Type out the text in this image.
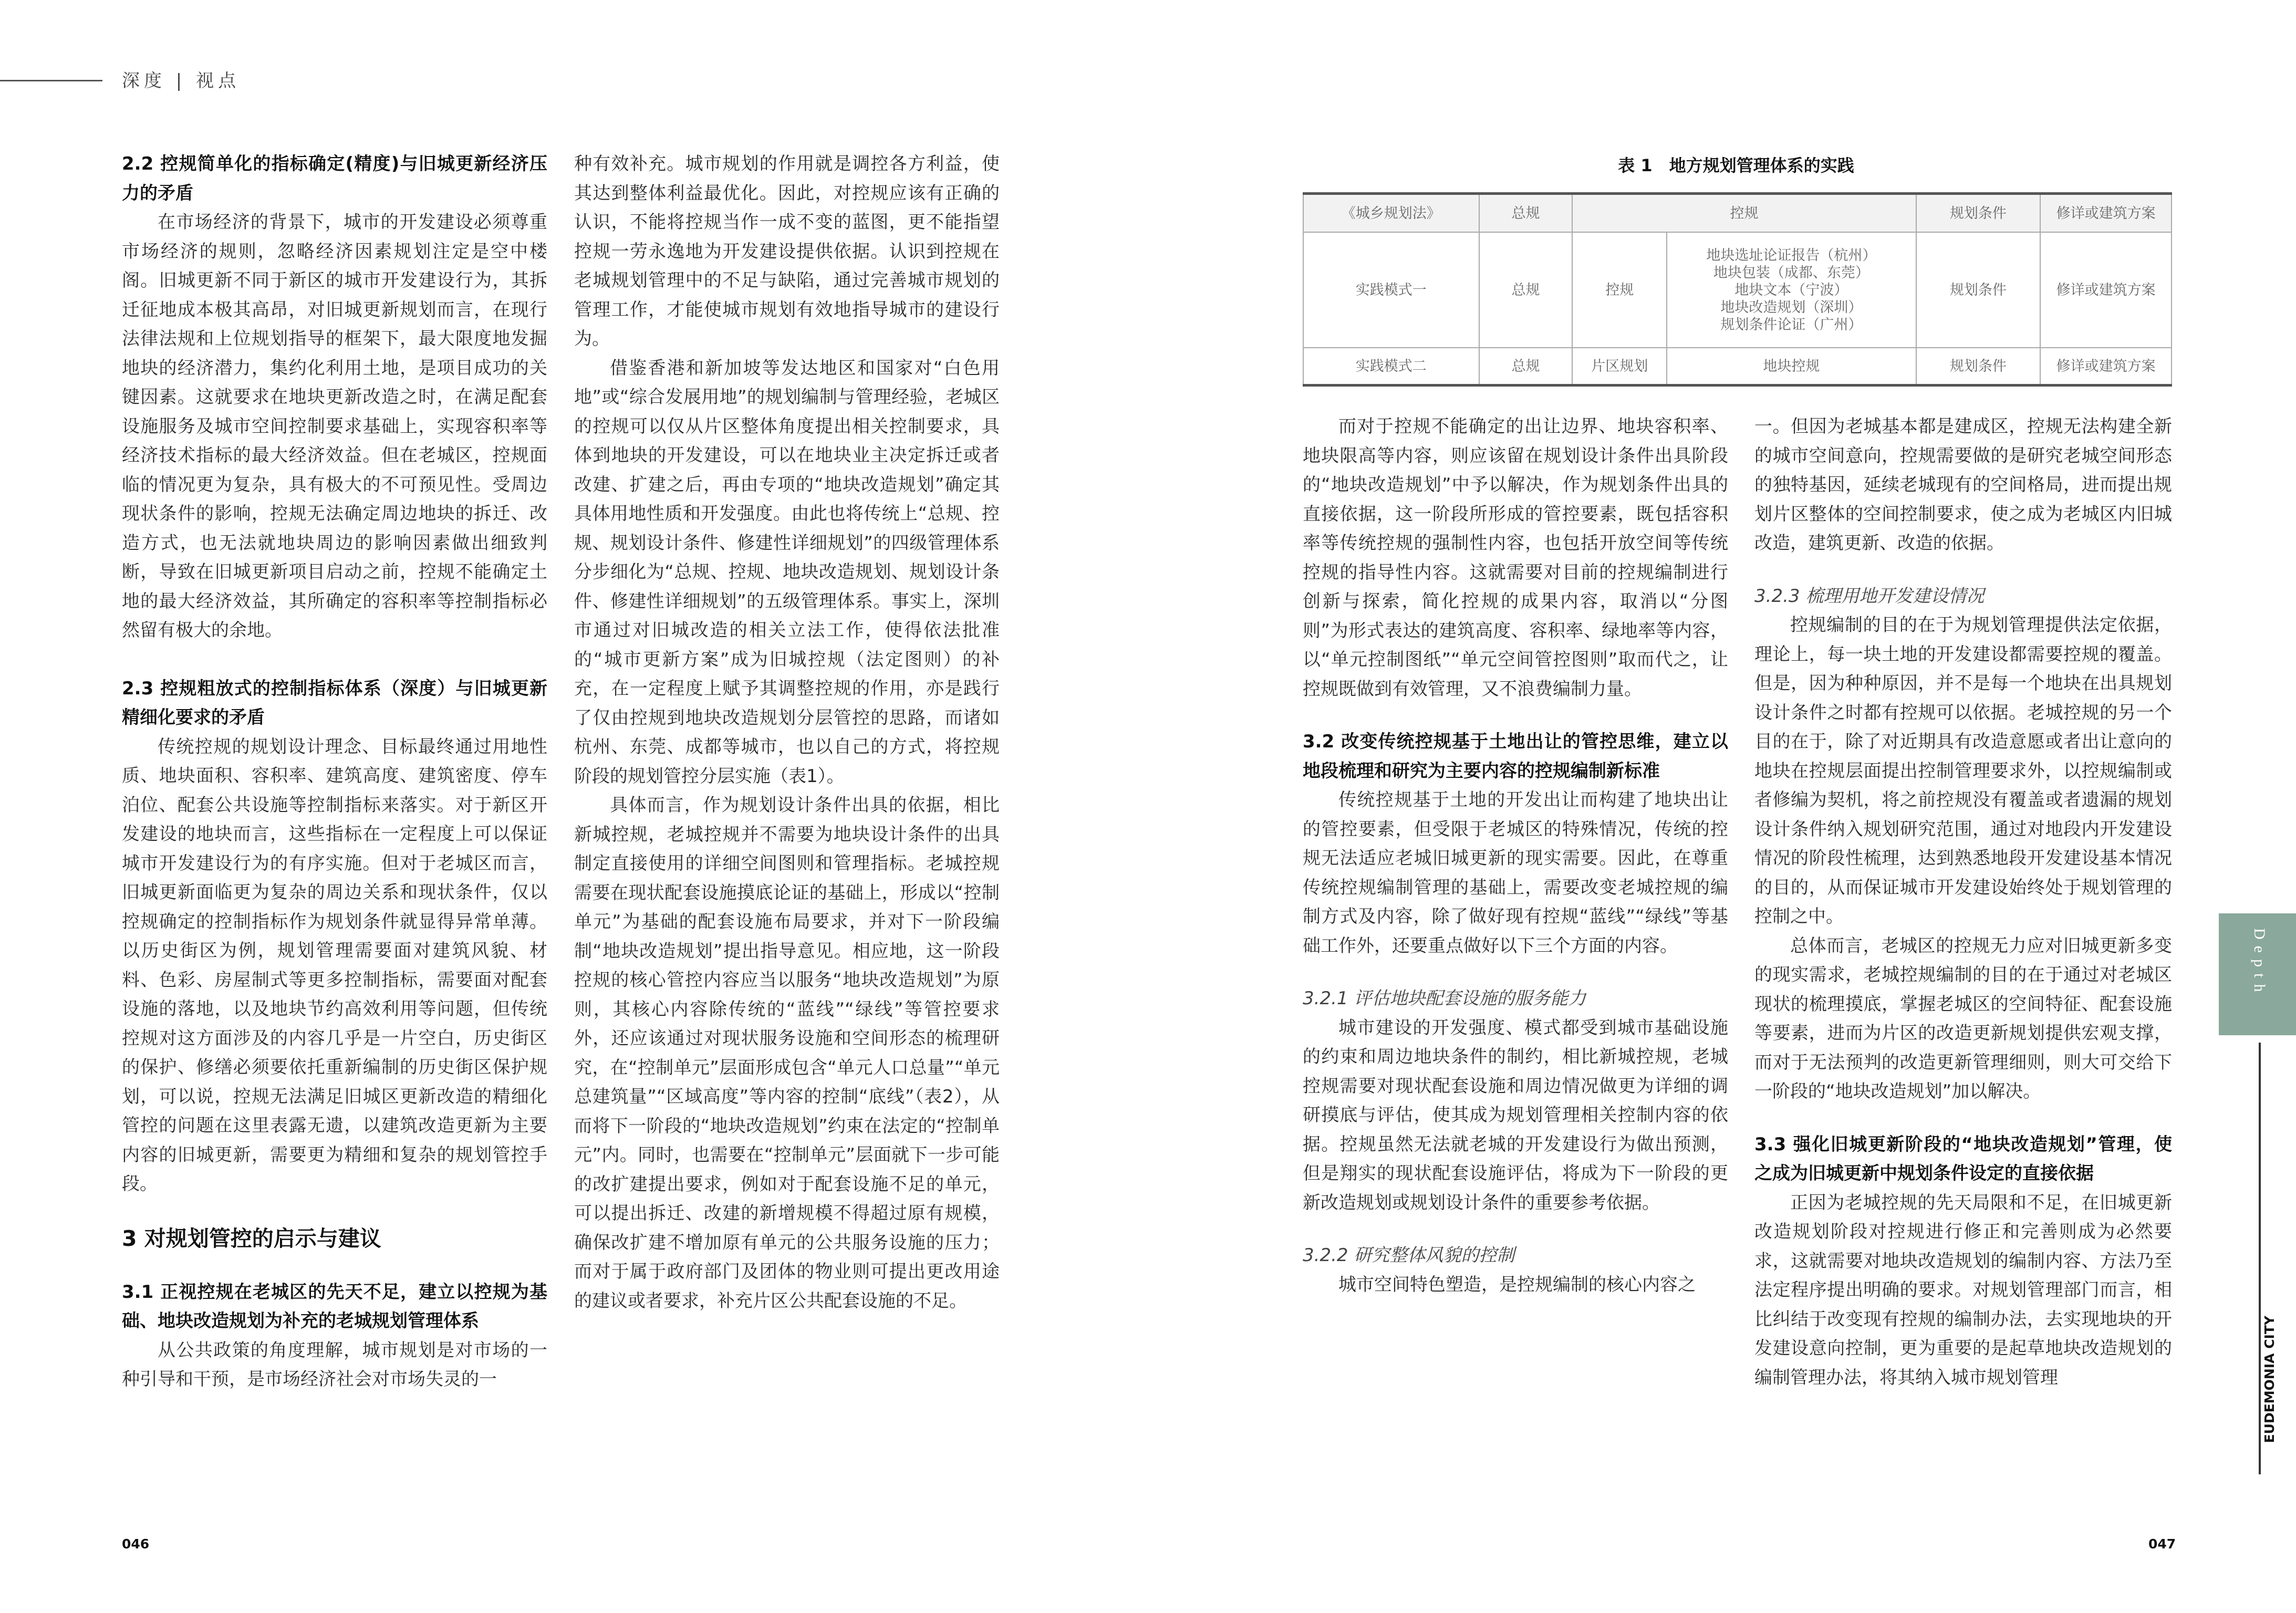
深度 | 视点
2.2 控规简单化的指标确定(精度)与旧城更新经济压力的矛盾

在市场经济的背景下，城市的开发建设必须尊重市场经济的规则，忽略经济因素规划注定是空中楼阁。旧城更新不同于新区的城市开发建设行为，其拆迁征地成本极其高昂，对旧城更新规划而言，在现行法律法规和上位规划指导的框架下，最大限度地发掘地块的经济潜力，集约化利用土地，是项目成功的关键因素。这就要求在地块更新改造之时，在满足配套设施服务及城市空间控制要求基础上，实现容积率等经济技术指标的最大经济效益。但在老城区，控规面临的情况更为复杂，具有极大的不可预见性。受周边现状条件的影响，控规无法确定周边地块的拆迁、改造方式，也无法就地块周边的影响因素做出细致判断，导致在旧城更新项目启动之前，控规不能确定土地的最大经济效益，其所确定的容积率等控制指标必然留有极大的余地。

2.3 控规粗放式的控制指标体系（深度）与旧城更新精细化要求的矛盾

传统控规的规划设计理念、目标最终通过用地性质、地块面积、容积率、建筑高度、建筑密度、停车泊位、配套公共设施等控制指标来落实。对于新区开发建设的地块而言，这些指标在一定程度上可以保证城市开发建设行为的有序实施。但对于老城区而言，旧城更新面临更为复杂的周边关系和现状条件，仅以控规确定的控制指标作为规划条件就显得异常单薄。以历史街区为例，规划管理需要面对建筑风貌、材料、色彩、房屋制式等更多控制指标，需要面对配套设施的落地，以及地块节约高效利用等问题，但传统控规对这方面涉及的内容几乎是一片空白，历史街区的保护、修缮必须要依托重新编制的历史街区保护规划，可以说，控规无法满足旧城区更新改造的精细化管控的问题在这里表露无遗，以建筑改造更新为主要内容的旧城更新，需要更为精细和复杂的规划管控手段。

3 对规划管控的启示与建议
3.1 正视控规在老城区的先天不足，建立以控规为基础、地块改造规划为补充的老城规划管理体系

从公共政策的角度理解，城市规划是对市场的一种引导和干预，是市场经济社会对市场失灵的一

种有效补充。城市规划的作用就是调控各方利益，使其达到整体利益最优化。因此，对控规应该有正确的认识，不能将控规当作一成不变的蓝图，更不能指望控规一劳永逸地为开发建设提供依据。认识到控规在老城规划管理中的不足与缺陷，通过完善城市规划的管理工作，才能使城市规划有效地指导城市的建设行为。

借鉴香港和新加坡等发达地区和国家对“白色用地”或“综合发展用地”的规划编制与管理经验，老城区的控规可以仅从片区整体角度提出相关控制要求，具体到地块的开发建设，可以在地块业主决定拆迁或者改建、扩建之后，再由专项的“地块改造规划”确定其具体用地性质和开发强度。由此也将传统上“总规、控规、规划设计条件、修建性详细规划”的四级管理体系分步细化为“总规、控规、地块改造规划、规划设计条件、修建性详细规划”的五级管理体系。事实上，深圳市通过对旧城改造的相关立法工作，使得依法批准的“城市更新方案”成为旧城控规（法定图则）的补充，在一定程度上赋予其调整控规的作用，亦是践行了仅由控规到地块改造规划分层管控的思路，而诸如杭州、东莞、成都等城市，也以自己的方式，将控规阶段的规划管控分层实施（表1）。

具体而言，作为规划设计条件出具的依据，相比新城控规，老城控规并不需要为地块设计条件的出具制定直接使用的详细空间图则和管理指标。老城控规需要在现状配套设施摸底论证的基础上，形成以“控制单元”为基础的配套设施布局要求，并对下一阶段编制“地块改造规划”提出指导意见。相应地，这一阶段控规的核心管控内容应当以服务“地块改造规划”为原则，其核心内容除传统的“蓝线”“绿线”等管控要求外，还应该通过对现状服务设施和空间形态的梳理研究，在“控制单元”层面形成包含“单元人口总量”“单元总建筑量”“区域高度”等内容的控制“底线”（表2），从而将下一阶段的“地块改造规划”约束在法定的“控制单元”内。同时，也需要在“控制单元”层面就下一步可能的改扩建提出要求，例如对于配套设施不足的单元，可以提出拆迁、改建的新增规模不得超过原有规模，确保改扩建不增加原有单元的公共服务设施的压力；而对于属于政府部门及团体的物业则可提出更改用途的建议或者要求，补充片区公共配套设施的不足。

表 1　地方规划管理体系的实践
《城乡规划法》	总规	控规		规划条件	修详或建筑方案
实践模式一	总规	控规	地块选址论证报告（杭州）
地块包装（成都、东莞）
地块文本（宁波）
地块改造规划（深圳）
规划条件论证（广州）	规划条件	修详或建筑方案
实践模式二	总规	片区规划	地块控规	规划条件	修详或建筑方案

而对于控规不能确定的出让边界、地块容积率、地块限高等内容，则应该留在规划设计条件出具阶段的“地块改造规划”中予以解决，作为规划条件出具的直接依据，这一阶段所形成的管控要素，既包括容积率等传统控规的强制性内容，也包括开放空间等传统控规的指导性内容。这就需要对目前的控规编制进行创新与探索，简化控规的成果内容，取消以“分图则”为形式表达的建筑高度、容积率、绿地率等内容，以“单元控制图纸”“单元空间管控图则”取而代之，让控规既做到有效管理，又不浪费编制力量。

3.2 改变传统控规基于土地出让的管控思维，建立以地段梳理和研究为主要内容的控规编制新标准

传统控规基于土地的开发出让而构建了地块出让的管控要素，但受限于老城区的特殊情况，传统的控规无法适应老城旧城更新的现实需要。因此，在尊重传统控规编制管理的基础上，需要改变老城控规的编制方式及内容，除了做好现有控规“蓝线”“绿线”等基础工作外，还要重点做好以下三个方面的内容。

3.2.1 评估地块配套设施的服务能力

城市建设的开发强度、模式都受到城市基础设施的约束和周边地块条件的制约，相比新城控规，老城控规需要对现状配套设施和周边情况做更为详细的调研摸底与评估，使其成为规划管理相关控制内容的依据。控规虽然无法就老城的开发建设行为做出预测，但是翔实的现状配套设施评估，将成为下一阶段的更新改造规划或规划设计条件的重要参考依据。

3.2.2 研究整体风貌的控制

城市空间特色塑造，是控规编制的核心内容之

一。但因为老城基本都是建成区，控规无法构建全新的城市空间意向，控规需要做的是研究老城空间形态的独特基因，延续老城现有的空间格局，进而提出规划片区整体的空间控制要求，使之成为老城区内旧城改造，建筑更新、改造的依据。

3.2.3 梳理用地开发建设情况

控规编制的目的在于为规划管理提供法定依据，理论上，每一块土地的开发建设都需要控规的覆盖。但是，因为种种原因，并不是每一个地块在出具规划设计条件之时都有控规可以依据。老城控规的另一个目的在于，除了对近期具有改造意愿或者出让意向的地块在控规层面提出控制管理要求外，以控规编制或者修编为契机，将之前控规没有覆盖或者遗漏的规划设计条件纳入规划研究范围，通过对地段内开发建设情况的阶段性梳理，达到熟悉地段开发建设基本情况的目的，从而保证城市开发建设始终处于规划管理的控制之中。

总体而言，老城区的控规无力应对旧城更新多变的现实需求，老城控规编制的目的在于通过对老城区现状的梳理摸底，掌握老城区的空间特征、配套设施等要素，进而为片区的改造更新规划提供宏观支撑，而对于无法预判的改造更新管理细则，则大可交给下一阶段的“地块改造规划”加以解决。

3.3 强化旧城更新阶段的“地块改造规划”管理，使之成为旧城更新中规划条件设定的直接依据

正因为老城控规的先天局限和不足，在旧城更新改造规划阶段对控规进行修正和完善则成为必然要求，这就需要对地块改造规划的编制内容、方法乃至法定程序提出明确的要求。对规划管理部门而言，相比纠结于改变现有控规的编制办法，去实现地块的开发建设意向控制，更为重要的是起草地块改造规划的编制管理办法，将其纳入城市规划管理

046	047
Depth
EUDEMONIA CITY
